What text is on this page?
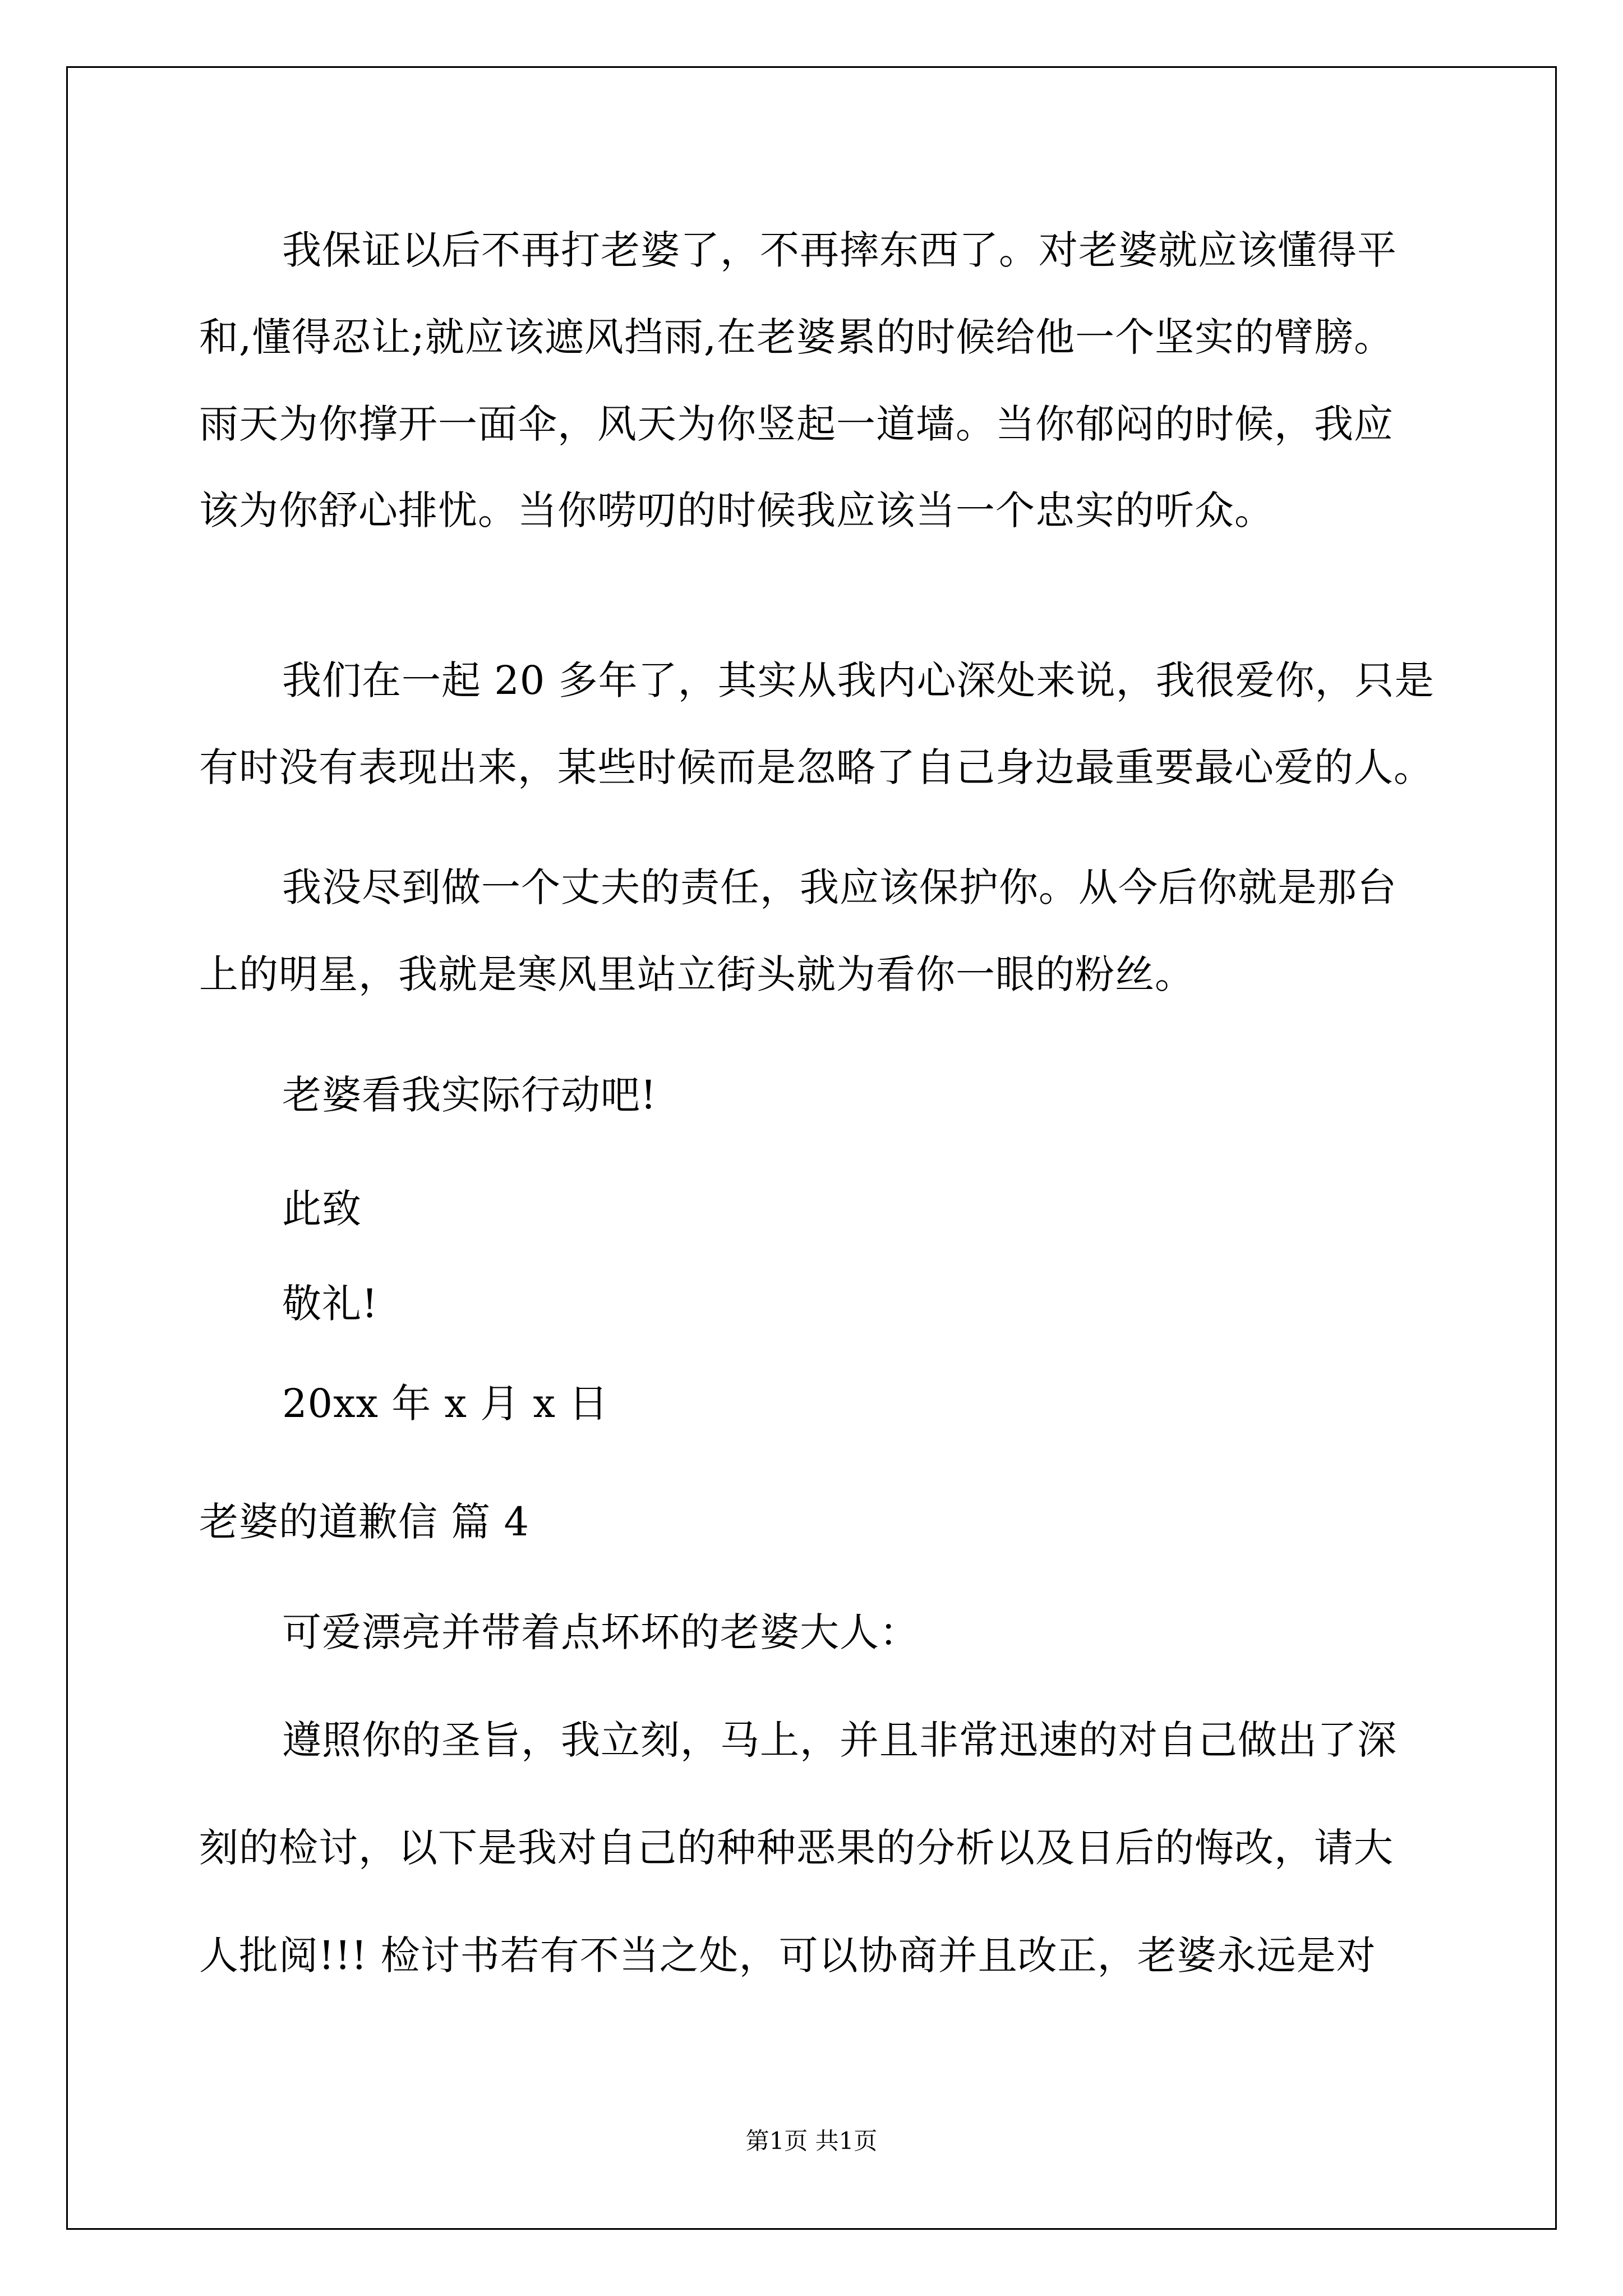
我保证以后不再打老婆了，不再摔东西了。对老婆就应该懂得平
和,懂得忍让;就应该遮风挡雨,在老婆累的时候给他一个坚实的臂膀。
雨天为你撑开一面伞，风天为你竖起一道墙。当你郁闷的时候，我应
该为你舒心排忧。当你唠叨的时候我应该当一个忠实的听众。
我们在一起 20 多年了，其实从我内心深处来说，我很爱你，只是
有时没有表现出来，某些时候而是忽略了自己身边最重要最心爱的人。
我没尽到做一个丈夫的责任，我应该保护你。从今后你就是那台
上的明星，我就是寒风里站立街头就为看你一眼的粉丝。
老婆看我实际行动吧!
此致
敬礼!
20xx 年 x 月 x 日
老婆的道歉信 篇 4
可爱漂亮并带着点坏坏的老婆大人：
遵照你的圣旨，我立刻，马上，并且非常迅速的对自己做出了深
刻的检讨，以下是我对自己的种种恶果的分析以及日后的悔改，请大
人批阅!!! 检讨书若有不当之处，可以协商并且改正，老婆永远是对
第1页 共1页
